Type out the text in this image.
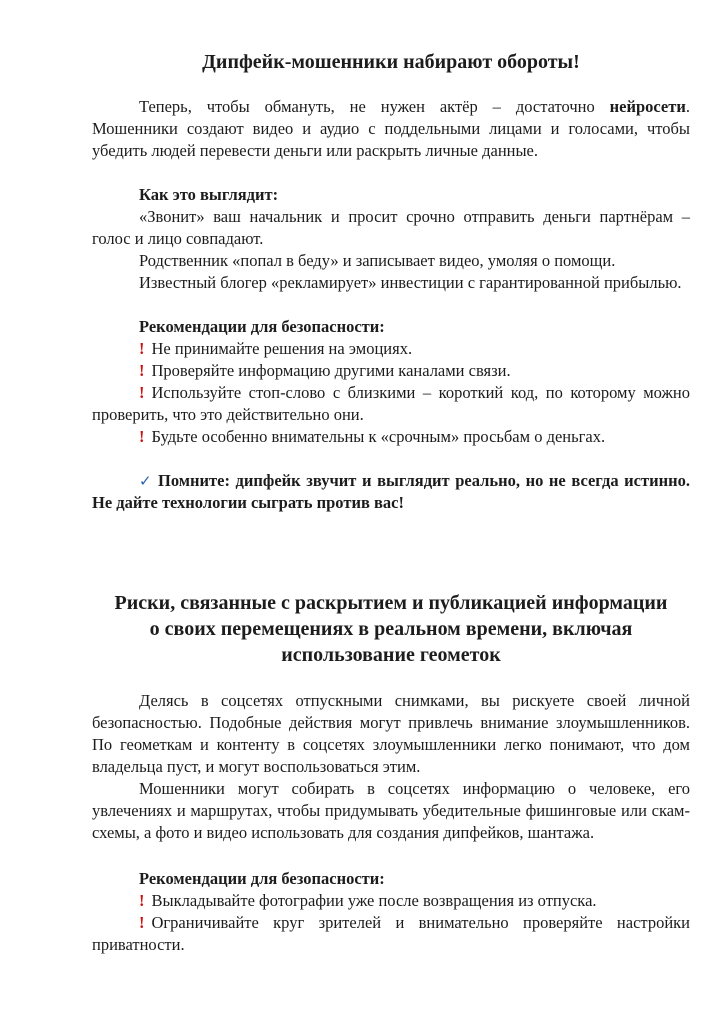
Дипфейк-мошенники набирают обороты!

Теперь, чтобы обмануть, не нужен актёр – достаточно нейросети. Мошенники создают видео и аудио с поддельными лицами и голосами, чтобы убедить людей перевести деньги или раскрыть личные данные.

Как это выглядит:

«Звонит» ваш начальник и просит срочно отправить деньги партнёрам – голос и лицо совпадают.

Родственник «попал в беду» и записывает видео, умоляя о помощи.

Известный блогер «рекламирует» инвестиции с гарантированной прибылью.

Рекомендации для безопасности:

! Не принимайте решения на эмоциях.

! Проверяйте информацию другими каналами связи.

! Используйте стоп-слово с близкими – короткий код, по которому можно проверить, что это действительно они.

! Будьте особенно внимательны к «срочным» просьбам о деньгах.

✓ Помните: дипфейк звучит и выглядит реально, но не всегда истинно. Не дайте технологии сыграть против вас!

Риски, связанные с раскрытием и публикацией информации
о своих перемещениях в реальном времени, включая
использование геометок

Делясь в соцсетях отпускными снимками, вы рискуете своей личной безопасностью. Подобные действия могут привлечь внимание злоумышленников. По геометкам и контенту в соцсетях злоумышленники легко понимают, что дом владельца пуст, и могут воспользоваться этим.

Мошенники могут собирать в соцсетях информацию о человеке, его увлечениях и маршрутах, чтобы придумывать убедительные фишинговые или скам-схемы, а фото и видео использовать для создания дипфейков, шантажа.

Рекомендации для безопасности:

! Выкладывайте фотографии уже после возвращения из отпуска.

! Ограничивайте круг зрителей и внимательно проверяйте настройки приватности.
